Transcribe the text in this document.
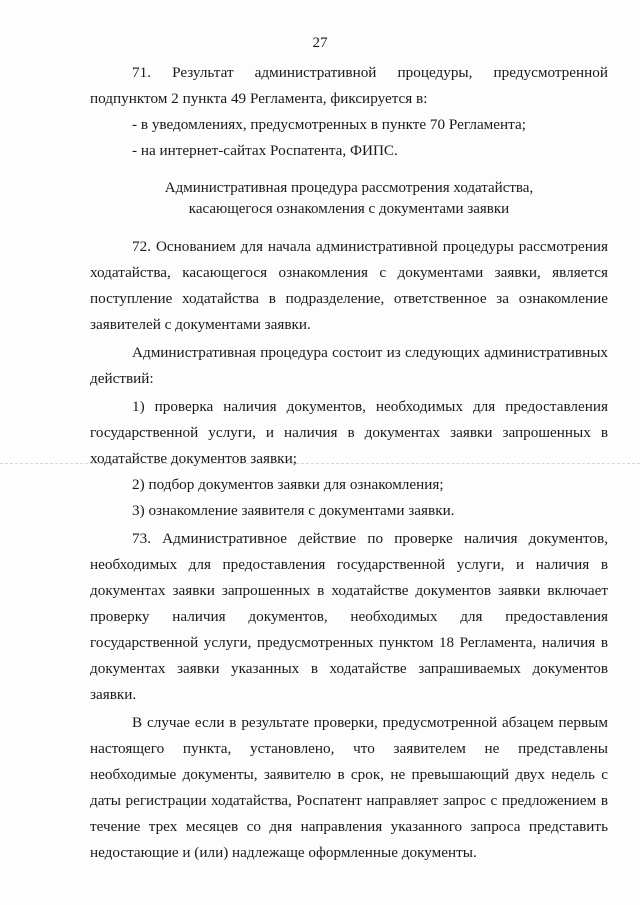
27

71. Результат административной процедуры, предусмотренной подпунктом 2 пункта 49 Регламента, фиксируется в:

- в уведомлениях, предусмотренных в пункте 70 Регламента;

- на интернет-сайтах Роспатента, ФИПС.

Административная процедура рассмотрения ходатайства,
касающегося ознакомления с документами заявки

72. Основанием для начала административной процедуры рассмотрения ходатайства, касающегося ознакомления с документами заявки, является поступление ходатайства в подразделение, ответственное за ознакомление заявителей с документами заявки.

Административная процедура состоит из следующих административных действий:

1) проверка наличия документов, необходимых для предоставления государственной услуги, и наличия в документах заявки запрошенных в ходатайстве документов заявки;

2) подбор документов заявки для ознакомления;

3) ознакомление заявителя с документами заявки.

73. Административное действие по проверке наличия документов, необходимых для предоставления государственной услуги, и наличия в документах заявки запрошенных в ходатайстве документов заявки включает проверку наличия документов, необходимых для предоставления государственной услуги, предусмотренных пунктом 18 Регламента, наличия в документах заявки указанных в ходатайстве запрашиваемых документов заявки.

В случае если в результате проверки, предусмотренной абзацем первым настоящего пункта, установлено, что заявителем не представлены необходимые документы, заявителю в срок, не превышающий двух недель с даты регистрации ходатайства, Роспатент направляет запрос с предложением в течение трех месяцев со дня направления указанного запроса представить недостающие и (или) надлежаще оформленные документы.
